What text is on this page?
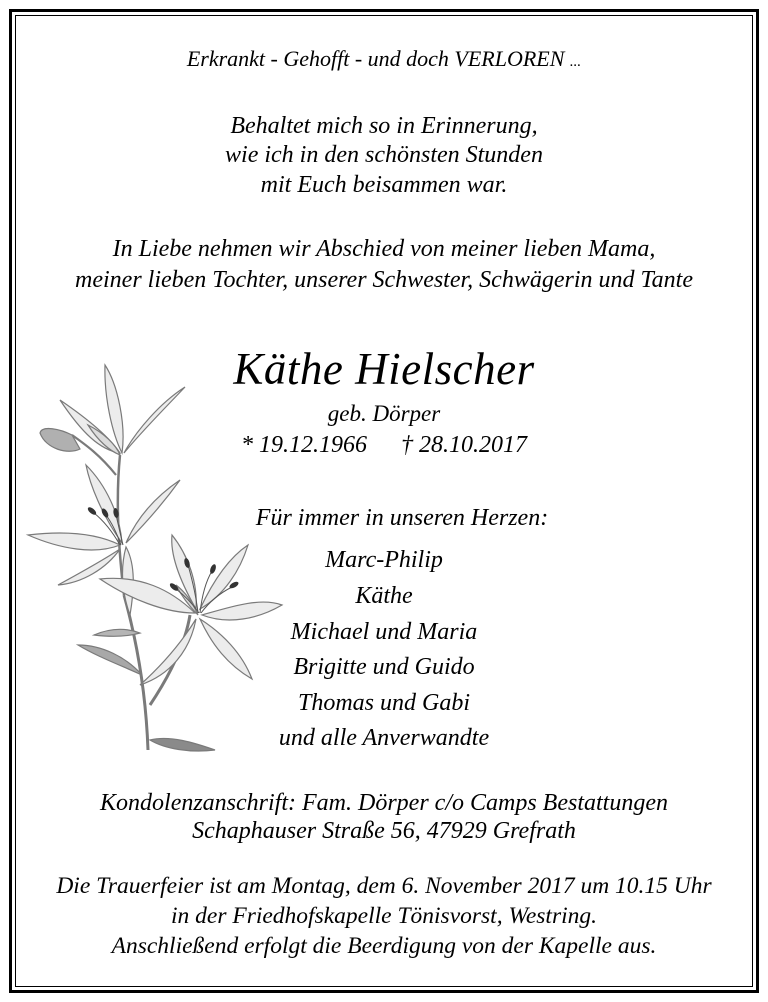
Erkrankt - Gehofft - und doch VERLOREN ...
Behaltet mich so in Erinnerung,
wie ich in den schönsten Stunden
mit Euch beisammen war.
In Liebe nehmen wir Abschied von meiner lieben Mama,
meiner lieben Tochter, unserer Schwester, Schwägerin und Tante
Käthe Hielscher
geb. Dörper
* 19.12.1966 † 28.10.2017
Für immer in unseren Herzen:
Marc-Philip
Käthe
Michael und Maria
Brigitte und Guido
Thomas und Gabi
und alle Anverwandte
Kondolenzanschrift: Fam. Dörper c/o Camps Bestattungen
Schaphauser Straße 56, 47929 Grefrath
Die Trauerfeier ist am Montag, dem 6. November 2017 um 10.15 Uhr
in der Friedhofskapelle Tönisvorst, Westring.
Anschließend erfolgt die Beerdigung von der Kapelle aus.
